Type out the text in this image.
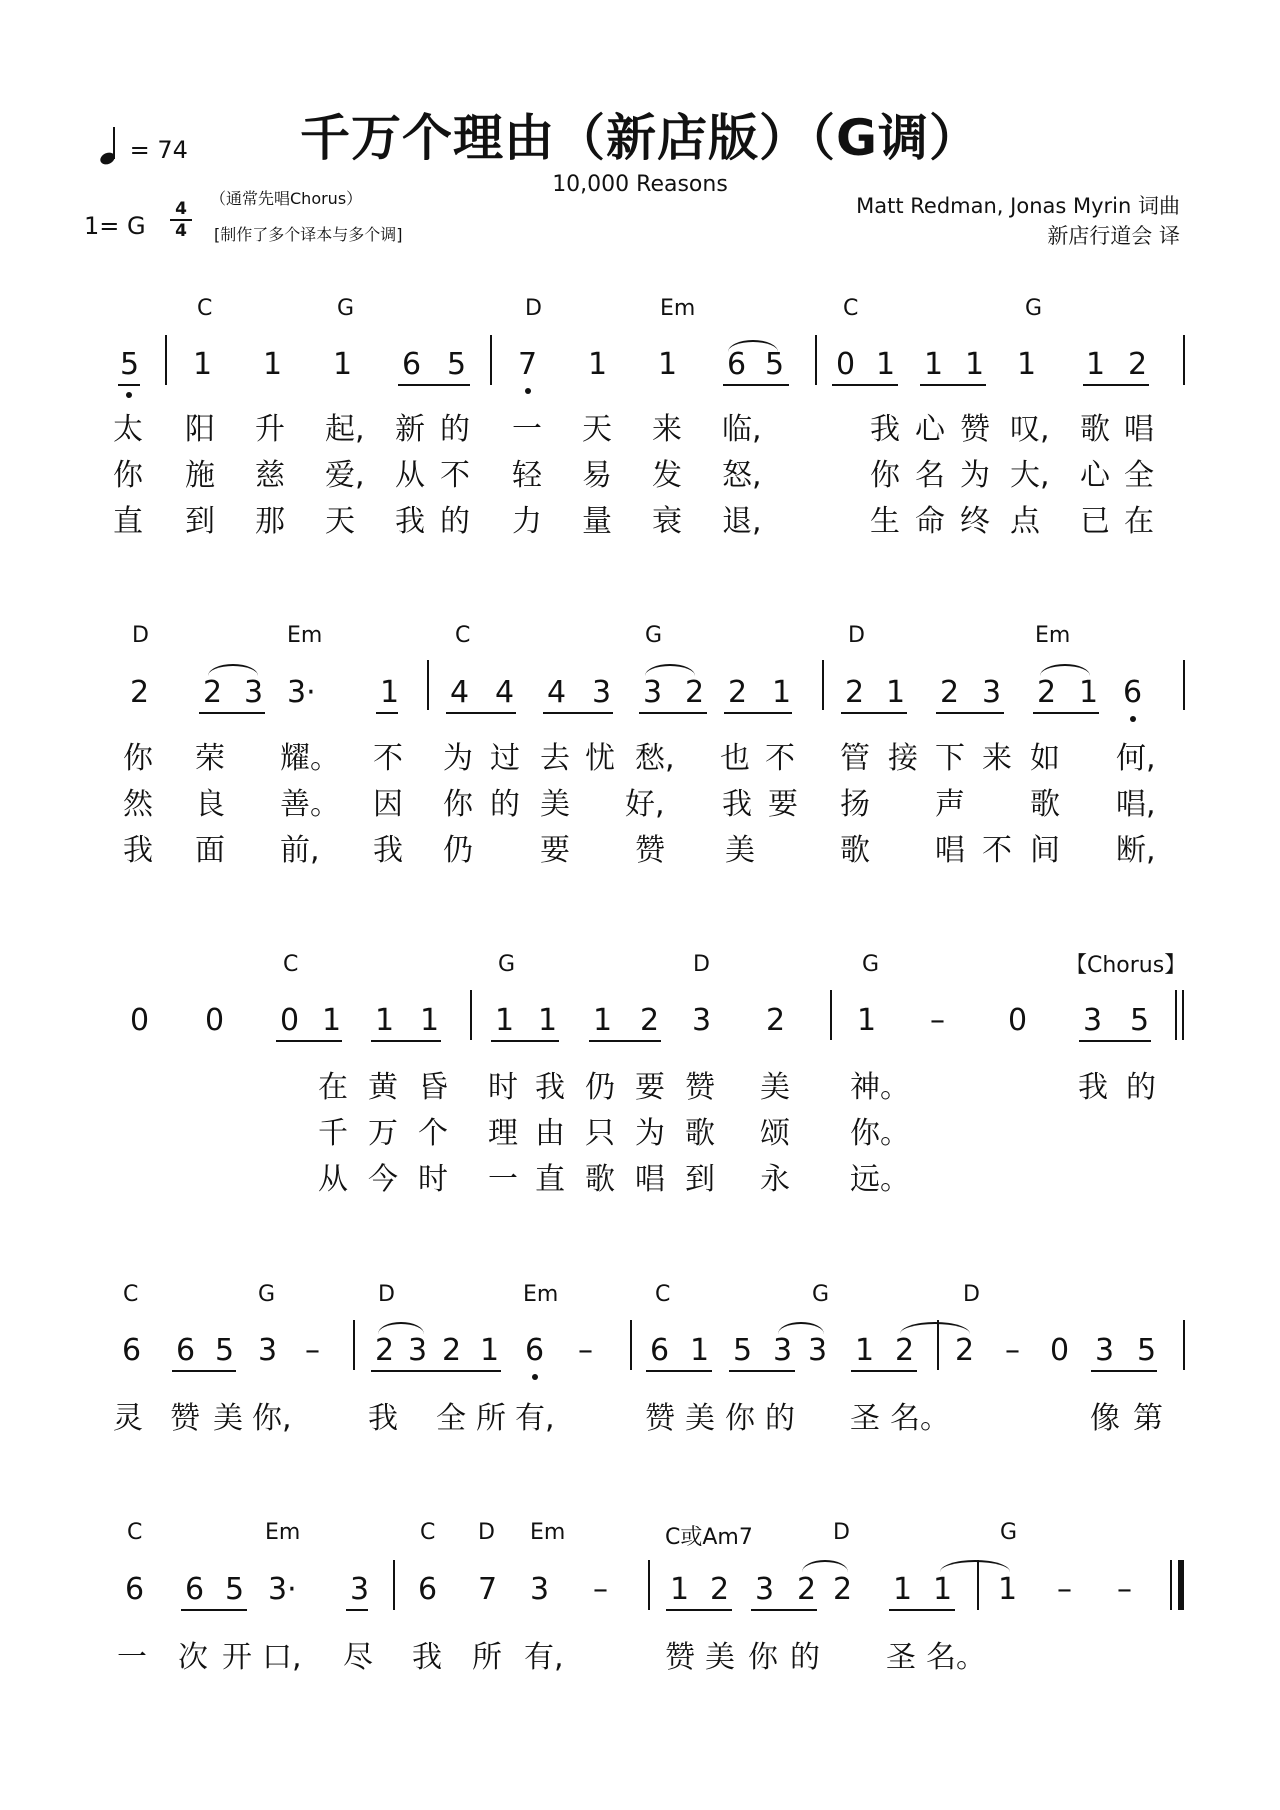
千万个理由（新店版）（G调）
10,000 Reasons
= 74
1= G
4
4
（通常先唱Chorus）
[制作了多个译本与多个调]
Matt Redman, Jonas Myrin 词曲
新店行道会 译
C	G	D	Em	C	G
5 1 1 1 6 5 7 1 1 6 5 0 1 1 1 1 1 2
太 阳 升 起, 新 的 一 天 来 临,	我 心 赞 叹, 歌 唱
你 施 慈 爱, 从 不 轻 易 发 怒,	你 名 为 大, 心 全
直 到 那 天 我 的 力 量 衰 退,	生 命 终 点 已 在
D	Em	C	G	D	Em
2 2 3 3· 1 4 4 4 3 3 2 2 1 2 1 2 3 2 1 6
你 荣 耀。 不 为 过 去 忧 愁, 也 不 管 接 下 来 如 何,
然 良 善。 因 你 的 美 好, 我 要 扬 声 歌 唱,
我 面 前, 我 仍 要 赞 美	歌 唱 不 间 断,
C	G	D	G	【Chorus】
0 0 0 1 1 1 1 1 1 2 3 2 1 – 0 3 5
在 黄 昏 时 我 仍 要 赞 美 神。	我 的
千 万 个 理 由 只 为 歌 颂 你。
从 今 时 一 直 歌 唱 到 永 远。
C	G	D	Em	C	G	D
6 6 5 3 – 2 3 2 1 6 – 6 1 5 3 3 1 2 2 – 0 3 5
灵 赞 美 你,	我 全 所 有,	赞 美 你 的 圣 名。	像 第
C	Em	C D Em	C或Am7	D	G
6 6 5 3· 3 6 7 3 – 1 2 3 2 2 1 1 1 – –
一 次 开 口, 尽 我 所 有,	赞 美 你 的 圣 名。
